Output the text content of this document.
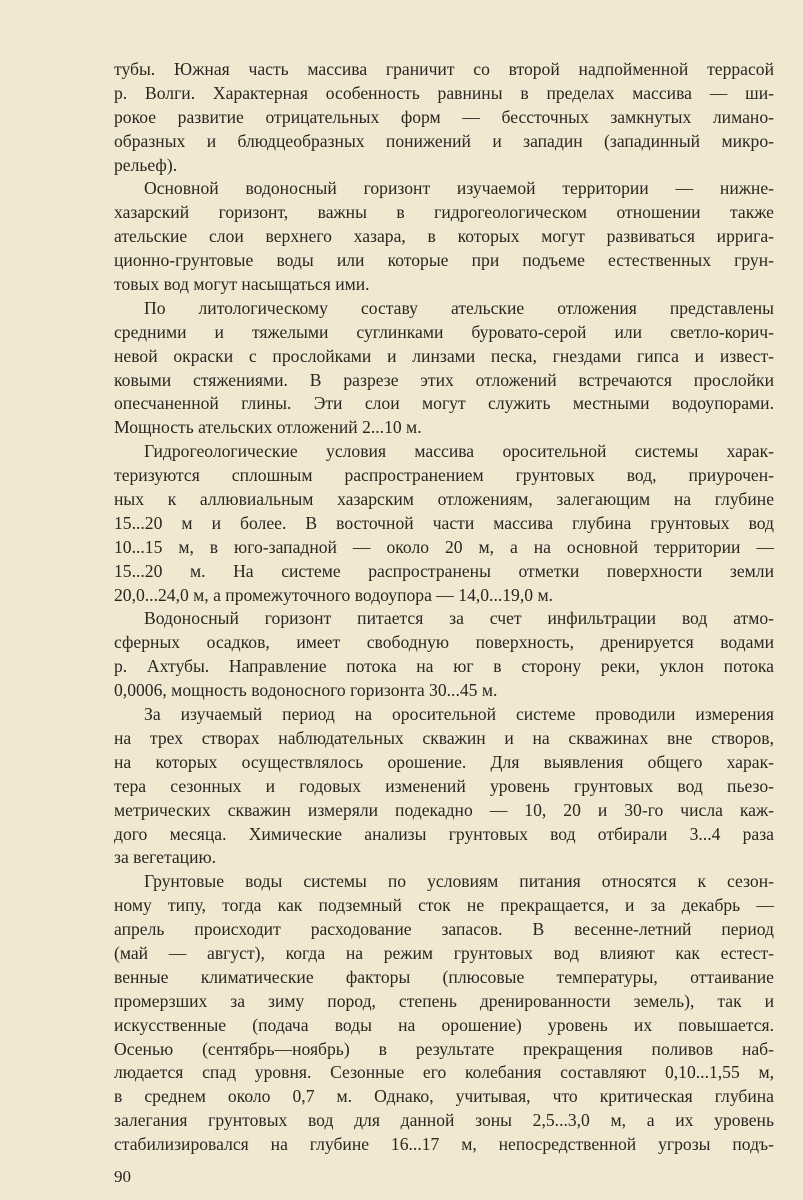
тубы. Южная часть массива граничит со второй надпойменной террасой
р. Волги. Характерная особенность равнины в пределах массива — ши-
рокое развитие отрицательных форм — бессточных замкнутых лимано-
образных и блюдцеобразных понижений и западин (западинный микро-
рельеф).
Основной водоносный горизонт изучаемой территории — нижне-
хазарский горизонт, важны в гидрогеологическом отношении также
ательские слои верхнего хазара, в которых могут развиваться ирригa-
ционно-грунтовые воды или которые при подъеме естественных грун-
товых вод могут насыщаться ими.
По литологическому составу ательские отложения представлены
средними и тяжелыми суглинками буровато-серой или светло-корич-
невой окраски с прослойками и линзами песка, гнездами гипса и извест-
ковыми стяжениями. В разрезе этих отложений встречаются прослойки
опесчаненной глины. Эти слои могут служить местными водоупорами.
Мощность ательских отложений 2...10 м.
Гидрогеологические условия массива оросительной системы харак-
теризуются сплошным распространением грунтовых вод, приурочен-
ных к аллювиальным хазарским отложениям, залегающим на глубине
15...20 м и более. В восточной части массива глубина грунтовых вод
10...15 м, в юго-западной — около 20 м, а на основной территории —
15...20 м. На системе распространены отметки поверхности земли
20,0...24,0 м, а промежуточного водоупора — 14,0...19,0 м.
Водоносный горизонт питается за счет инфильтрации вод атмо-
сферных осадков, имеет свободную поверхность, дренируется водами
р. Ахтубы. Направление потока на юг в сторону реки, уклон потока
0,0006, мощность водоносного горизонта 30...45 м.
За изучаемый период на оросительной системе проводили измерения
на трех створах наблюдательных скважин и на скважинах вне створов,
на которых осуществлялось орошение. Для выявления общего харак-
тера сезонных и годовых изменений уровень грунтовых вод пьезо-
метрических скважин измеряли подекадно — 10, 20 и 30-го числа каж-
дого месяца. Химические анализы грунтовых вод отбирали 3...4 раза
за вегетацию.
Грунтовые воды системы по условиям питания относятся к сезон-
ному типу, тогда как подземный сток не прекращается, и за декабрь —
апрель происходит расходование запасов. В весенне-летний период
(май — август), когда на режим грунтовых вод влияют как естест-
венные климатические факторы (плюсовые температуры, оттаивание
промерзших за зиму пород, степень дренированности земель), так и
искусственные (подача воды на орошение) уровень их повышается.
Осенью (сентябрь—ноябрь) в результате прекращения поливов наб-
людается спад уровня. Сезонные его колебания составляют 0,10...1,55 м,
в среднем около 0,7 м. Однако, учитывая, что критическая глубина
залегания грунтовых вод для данной зоны 2,5...3,0 м, а их уровень
стабилизировался на глубине 16...17 м, непосредственной угрозы подъ-
90
